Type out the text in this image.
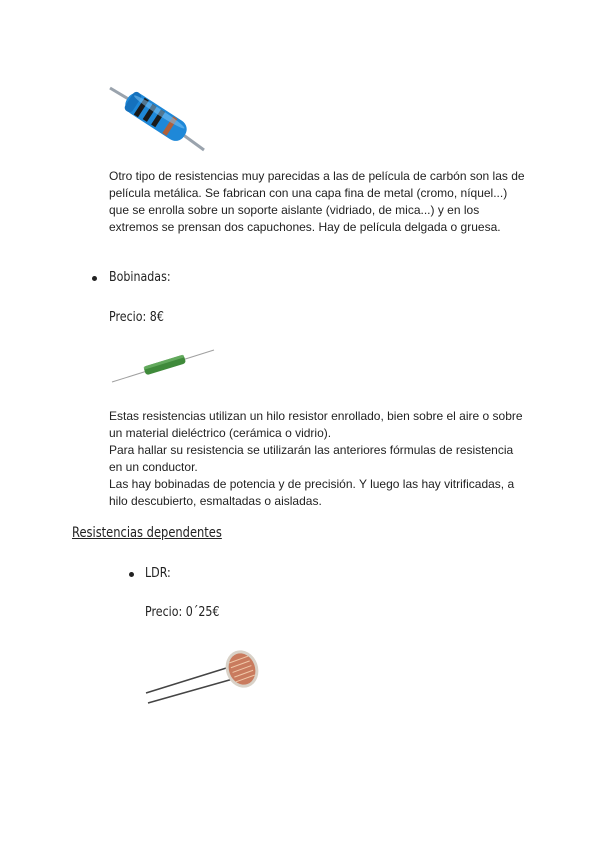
Otro tipo de resistencias muy parecidas a las de película de carbón son las de
película metálica. Se fabrican con una capa fina de metal (cromo, níquel...)
que se enrolla sobre un soporte aislante (vidriado, de mica...) y en los
extremos se prensan dos capuchones. Hay de película delgada o gruesa.
Bobinadas:
Precio: 8€
Estas resistencias utilizan un hilo resistor enrollado, bien sobre el aire o sobre
un material dieléctrico (cerámica o vidrio).
Para hallar su resistencia se utilizarán las anteriores fórmulas de resistencia
en un conductor.
Las hay bobinadas de potencia y de precisión. Y luego las hay vitrificadas, a
hilo descubierto, esmaltadas o aisladas.
Resistencias dependentes
LDR:
Precio: 0´25€
